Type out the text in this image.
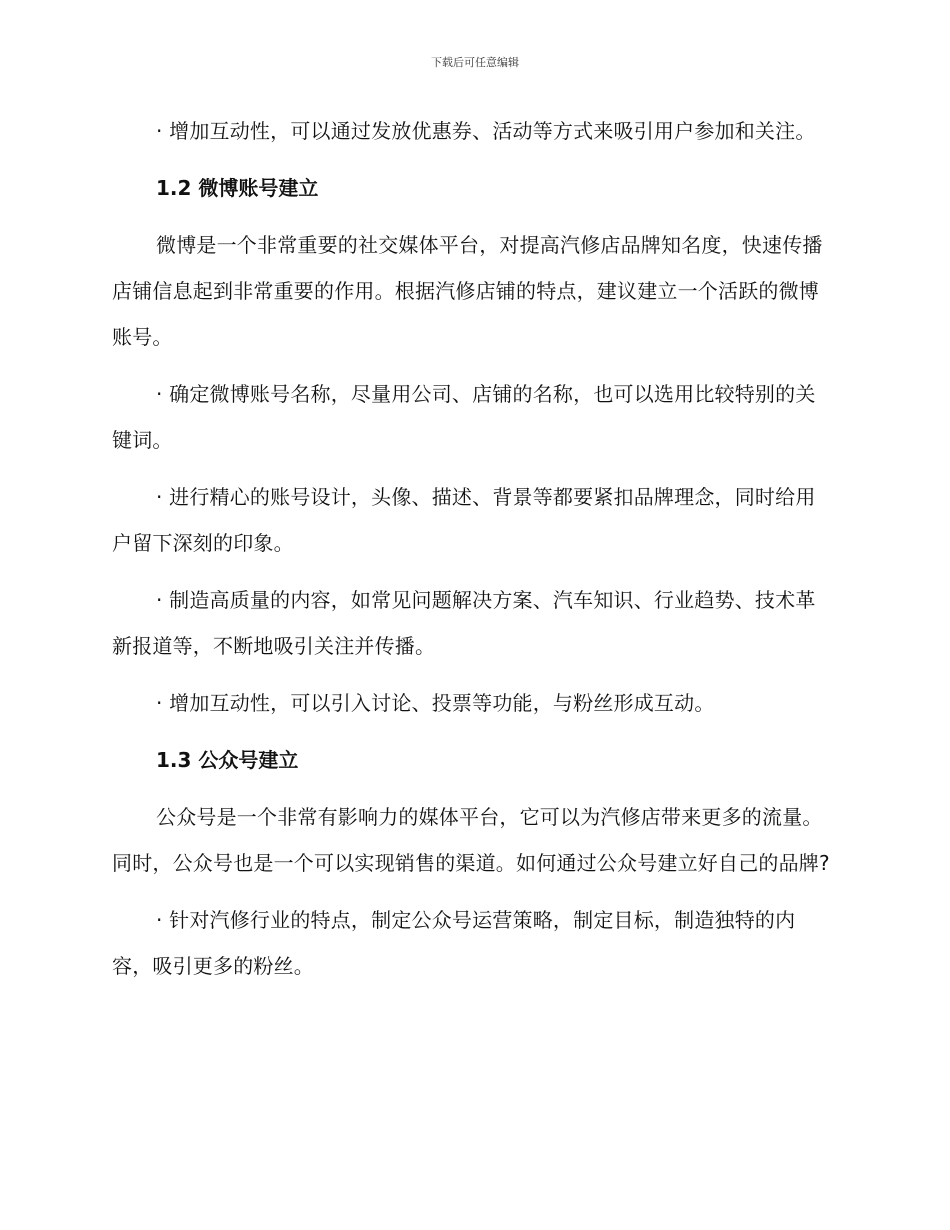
下载后可任意编辑

· 增加互动性，可以通过发放优惠券、活动等方式来吸引用户参加和关注。

1.2 微博账号建立

微博是一个非常重要的社交媒体平台，对提高汽修店品牌知名度，快速传播店铺信息起到非常重要的作用。根据汽修店铺的特点，建议建立一个活跃的微博账号。

· 确定微博账号名称，尽量用公司、店铺的名称，也可以选用比较特别的关键词。

· 进行精心的账号设计，头像、描述、背景等都要紧扣品牌理念，同时给用户留下深刻的印象。

· 制造高质量的内容，如常见问题解决方案、汽车知识、行业趋势、技术革新报道等，不断地吸引关注并传播。

· 增加互动性，可以引入讨论、投票等功能，与粉丝形成互动。

1.3 公众号建立

公众号是一个非常有影响力的媒体平台，它可以为汽修店带来更多的流量。同时，公众号也是一个可以实现销售的渠道。如何通过公众号建立好自己的品牌?

· 针对汽修行业的特点，制定公众号运营策略，制定目标，制造独特的内容，吸引更多的粉丝。
